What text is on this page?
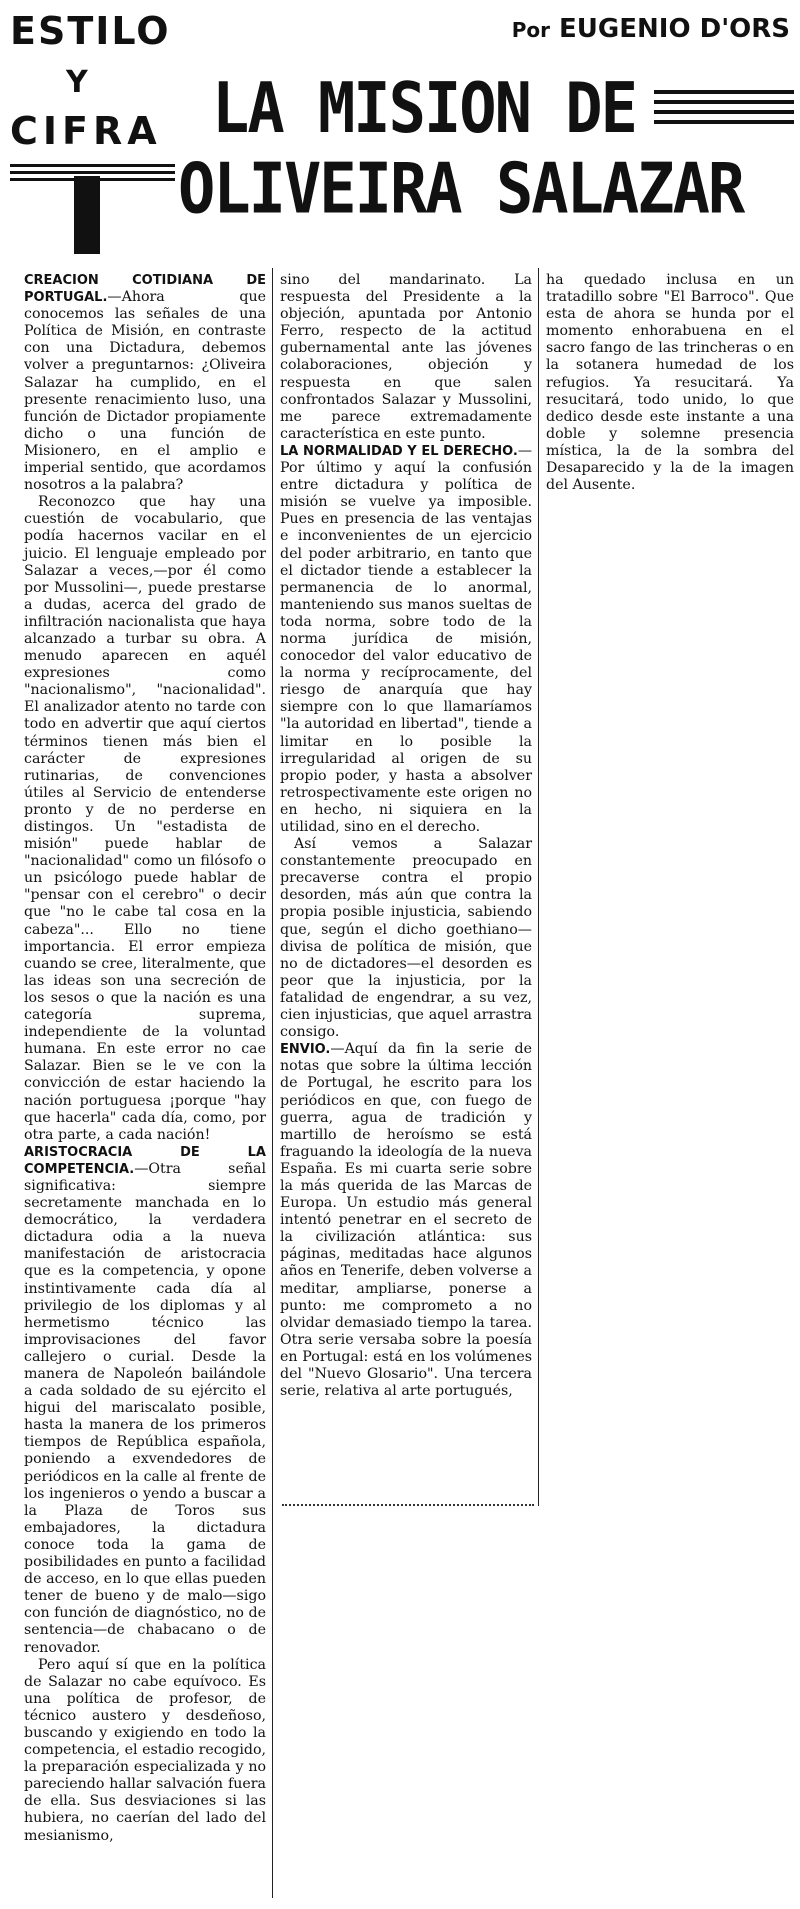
ESTILO
Y
CIFRA
Por EUGENIO D'ORS
LA MISION DE
OLIVEIRA SALAZAR

CREACION COTIDIANA DE PORTUGAL.—Ahora que conocemos las señales de una Política de Misión, en contraste con una Dictadura, debemos volver a preguntarnos: ¿Oliveira Salazar ha cumplido, en el presente renacimiento luso, una función de Dictador propiamente dicho o una función de Misionero, en el amplio e imperial sentido, que acordamos nosotros a la palabra?

Reconozco que hay una cuestión de vocabulario, que podía hacernos vacilar en el juicio. El lenguaje empleado por Salazar a veces,—por él como por Mussolini—, puede prestarse a dudas, acerca del grado de infiltración nacionalista que haya alcanzado a turbar su obra. A menudo aparecen en aquél expresiones como "nacionalismo", "nacionalidad". El analizador atento no tarde con todo en advertir que aquí ciertos términos tienen más bien el carácter de expresiones rutinarias, de convenciones útiles al Servicio de entenderse pronto y de no perderse en distingos. Un "estadista de misión" puede hablar de "nacionalidad" como un filósofo o un psicólogo puede hablar de "pensar con el cerebro" o decir que "no le cabe tal cosa en la cabeza"... Ello no tiene importancia. El error empieza cuando se cree, literalmente, que las ideas son una secreción de los sesos o que la nación es una categoría suprema, independiente de la voluntad humana. En este error no cae Salazar. Bien se le ve con la convicción de estar haciendo la nación portuguesa ¡porque "hay que hacerla" cada día, como, por otra parte, a cada nación!

ARISTOCRACIA DE LA COMPETENCIA.—Otra señal significativa: siempre secretamente manchada en lo democrático, la verdadera dictadura odia a la nueva manifestación de aristocracia que es la competencia, y opone instintivamente cada día al privilegio de los diplomas y al hermetismo técnico las improvisaciones del favor callejero o curial. Desde la manera de Napoleón bailándole a cada soldado de su ejército el higui del mariscalato posible, hasta la manera de los primeros tiempos de República española, poniendo a exvendedores de periódicos en la calle al frente de los ingenieros o yendo a buscar a la Plaza de Toros sus embajadores, la dictadura conoce toda la gama de posibilidades en punto a facilidad de acceso, en lo que ellas pueden tener de bueno y de malo—sigo con función de diagnóstico, no de sentencia—de chabacano o de renovador.

Pero aquí sí que en la política de Salazar no cabe equívoco. Es una política de profesor, de técnico austero y desdeñoso, buscando y exigiendo en todo la competencia, el estadio recogido, la preparación especializada y no pareciendo hallar salvación fuera de ella. Sus desviaciones si las hubiera, no caerían del lado del mesianismo,

sino del mandarinato. La respuesta del Presidente a la objeción, apuntada por Antonio Ferro, respecto de la actitud gubernamental ante las jóvenes colaboraciones, objeción y respuesta en que salen confrontados Salazar y Mussolini, me parece extremadamente característica en este punto.

LA NORMALIDAD Y EL DERECHO.— Por último y aquí la confusión entre dictadura y política de misión se vuelve ya imposible. Pues en presencia de las ventajas e inconvenientes de un ejercicio del poder arbitrario, en tanto que el dictador tiende a establecer la permanencia de lo anormal, manteniendo sus manos sueltas de toda norma, sobre todo de la norma jurídica de misión, conocedor del valor educativo de la norma y recíprocamente, del riesgo de anarquía que hay siempre con lo que llamaríamos "la autoridad en libertad", tiende a limitar en lo posible la irregularidad al origen de su propio poder, y hasta a absolver retrospectivamente este origen no en hecho, ni siquiera en la utilidad, sino en el derecho.

Así vemos a Salazar constantemente preocupado en precaverse contra el propio desorden, más aún que contra la propia posible injusticia, sabiendo que, según el dicho goethiano—divisa de política de misión, que no de dictadores—el desorden es peor que la injusticia, por la fatalidad de engendrar, a su vez, cien injusticias, que aquel arrastra consigo.

ENVIO.—Aquí da fin la serie de notas que sobre la última lección de Portugal, he escrito para los periódicos en que, con fuego de guerra, agua de tradición y martillo de heroísmo se está fraguando la ideología de la nueva España. Es mi cuarta serie sobre la más querida de las Marcas de Europa. Un estudio más general intentó penetrar en el secreto de la civilización atlántica: sus páginas, meditadas hace algunos años en Tenerife, deben volverse a meditar, ampliarse, ponerse a punto: me comprometo a no olvidar demasiado tiempo la tarea. Otra serie versaba sobre la poesía en Portugal: está en los volúmenes del "Nuevo Glosario". Una tercera serie, relativa al arte portugués,

ha quedado inclusa en un tratadillo sobre "El Barroco". Que esta de ahora se hunda por el momento enhorabuena en el sacro fango de las trincheras o en la sotanera humedad de los refugios. Ya resucitará. Ya resucitará, todo unido, lo que dedico desde este instante a una doble y solemne presencia mística, la de la sombra del Desaparecido y la de la imagen del Ausente.
